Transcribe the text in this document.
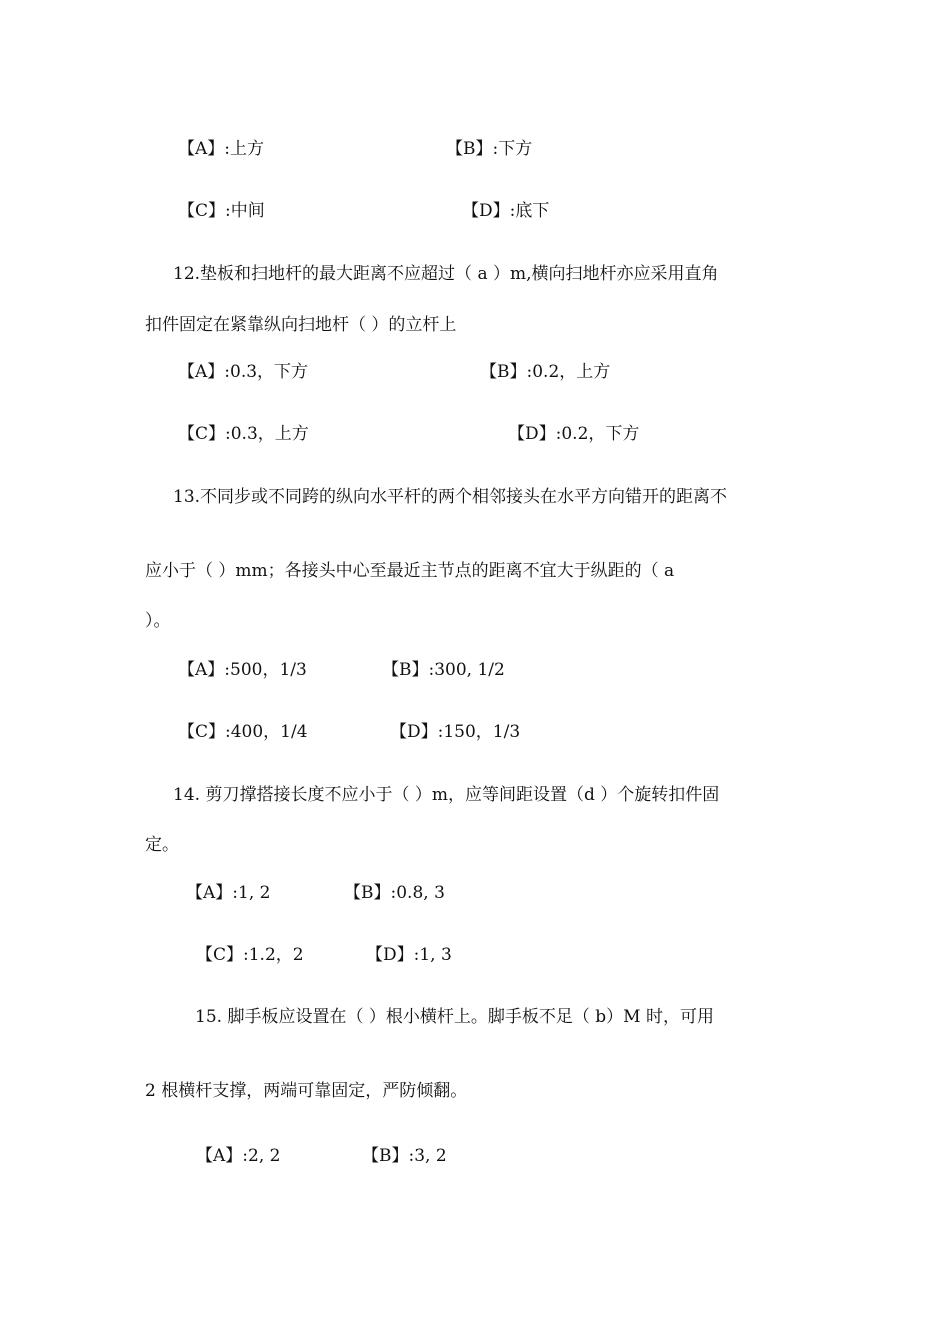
【A】:上方	【B】:下方
【C】:中间	【D】:底下
12.垫板和扫地杆的最大距离不应超过（ a ）m,横向扫地杆亦应采用直角
扣件固定在紧靠纵向扫地杆（ ）的立杆上
【A】:0.3，下方	【B】:0.2，上方
【C】:0.3，上方	【D】:0.2，下方
13.不同步或不同跨的纵向水平杆的两个相邻接头在水平方向错开的距离不
应小于（ ）mm；各接头中心至最近主节点的距离不宜大于纵距的（ a
）。
【A】:500，1/3	【B】:300, 1/2
【C】:400，1/4	【D】:150，1/3
14. 剪刀撑搭接长度不应小于（ ）m，应等间距设置（d ）个旋转扣件固
定。
【A】:1, 2	【B】:0.8, 3
【C】:1.2，2	【D】:1, 3
15. 脚手板应设置在（ ）根小横杆上。脚手板不足（ b）M 时，可用
2 根横杆支撑，两端可靠固定，严防倾翻。
【A】:2, 2	【B】:3, 2
